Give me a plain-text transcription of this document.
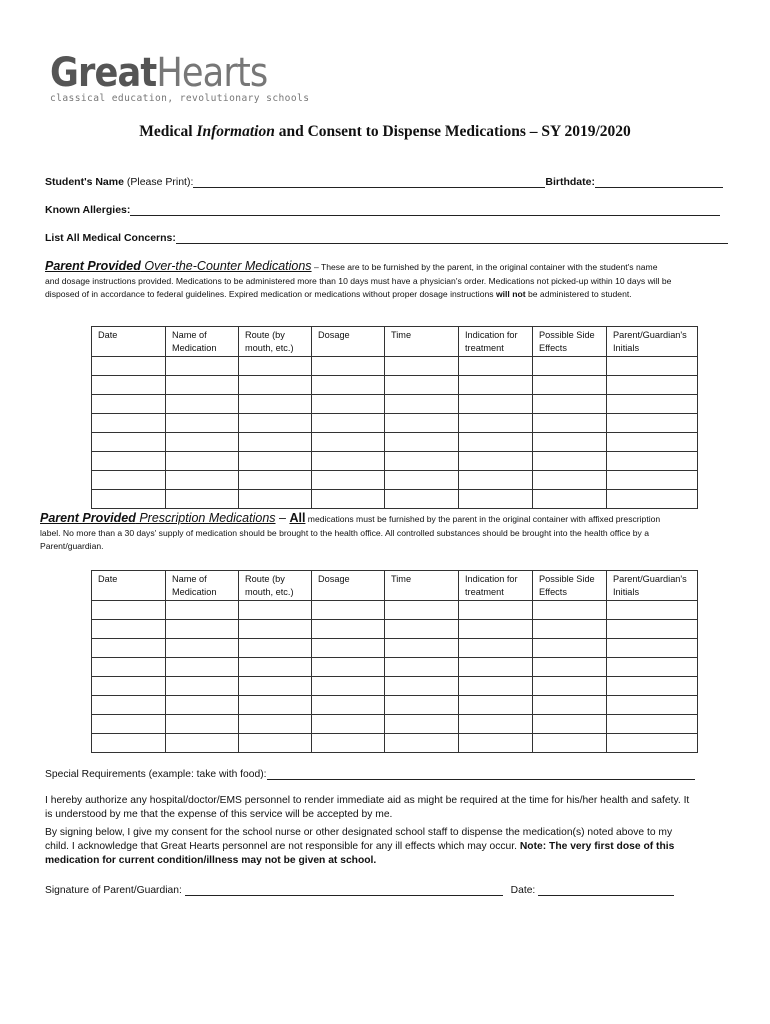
GreatHearts
classical education, revolutionary schools
Medical Information and Consent to Dispense Medications – SY 2019/2020
Student's Name (Please Print):	Birthdate:
Known Allergies:
List All Medical Concerns:
Parent Provided Over-the-Counter Medications – These are to be furnished by the parent, in the original container with the student's name and dosage instructions provided. Medications to be administered more than 10 days must have a physician's order. Medications not picked-up within 10 days will be disposed of in accordance to federal guidelines. Expired medication or medications without proper dosage instructions will not be administered to student.
Date	Name of Medication	Route (by mouth, etc.)	Dosage	Time	Indication for treatment	Possible Side Effects	Parent/Guardian's Initials

Parent Provided Prescription Medications – All medications must be furnished by the parent in the original container with affixed prescription label. No more than a 30 days' supply of medication should be brought to the health office. All controlled substances should be brought into the health office by a Parent/guardian.
Date	Name of Medication	Route (by mouth, etc.)	Dosage	Time	Indication for treatment	Possible Side Effects	Parent/Guardian's Initials

Special Requirements (example: take with food):
I hereby authorize any hospital/doctor/EMS personnel to render immediate aid as might be required at the time for his/her health and safety. It is understood by me that the expense of this service will be accepted by me.
By signing below, I give my consent for the school nurse or other designated school staff to dispense the medication(s) noted above to my child. I acknowledge that Great Hearts personnel are not responsible for any ill effects which may occur. Note: The very first dose of this medication for current condition/illness may not be given at school.
Signature of Parent/Guardian:	Date:
